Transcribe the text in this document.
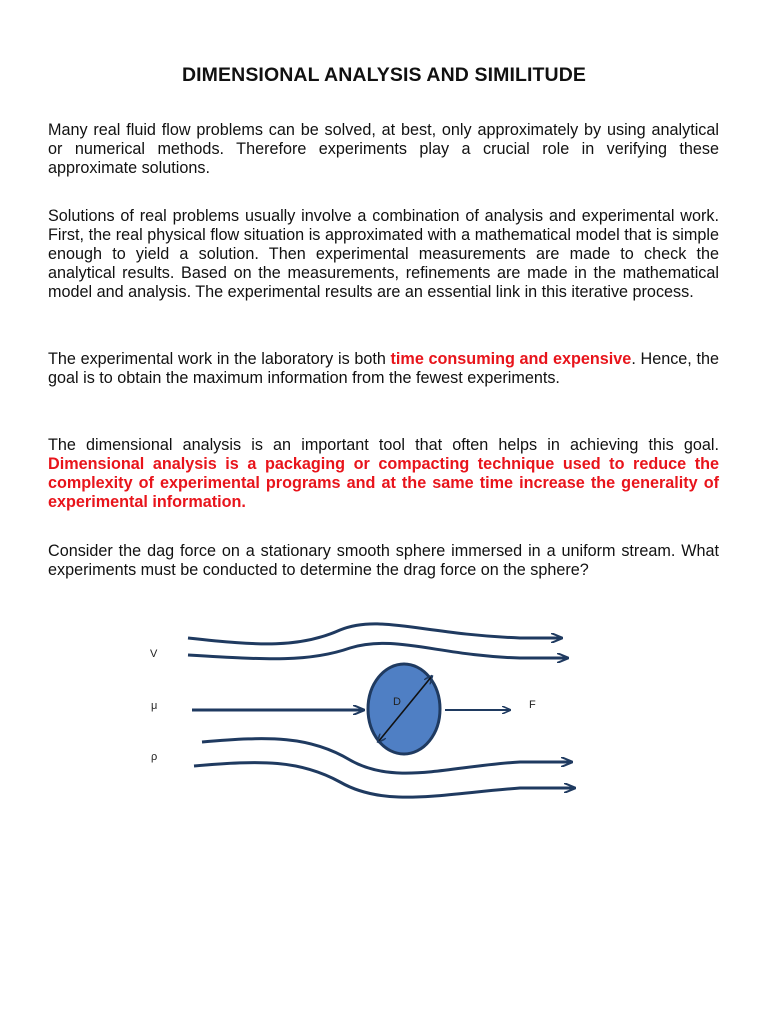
DIMENSIONAL ANALYSIS AND SIMILITUDE

Many real fluid flow problems can be solved, at best, only approximately by using analytical or numerical methods. Therefore experiments play a crucial role in verifying these approximate solutions.

Solutions of real problems usually involve a combination of analysis and experimental work. First, the real physical flow situation is approximated with a mathematical model that is simple enough to yield a solution. Then experimental measurements are made to check the analytical results. Based on the measurements, refinements are made in the mathematical model and analysis. The experimental results are an essential link in this iterative process.

The experimental work in the laboratory is both time consuming and expensive. Hence, the goal is to obtain the maximum information from the fewest experiments.

The dimensional analysis is an important tool that often helps in achieving this goal. Dimensional analysis is a packaging or compacting technique used to reduce the complexity of experimental programs and at the same time increase the generality of experimental information.

Consider the dag force on a stationary smooth sphere immersed in a uniform stream. What experiments must be conducted to determine the drag force on the sphere?

V
μ
ρ
D	F
